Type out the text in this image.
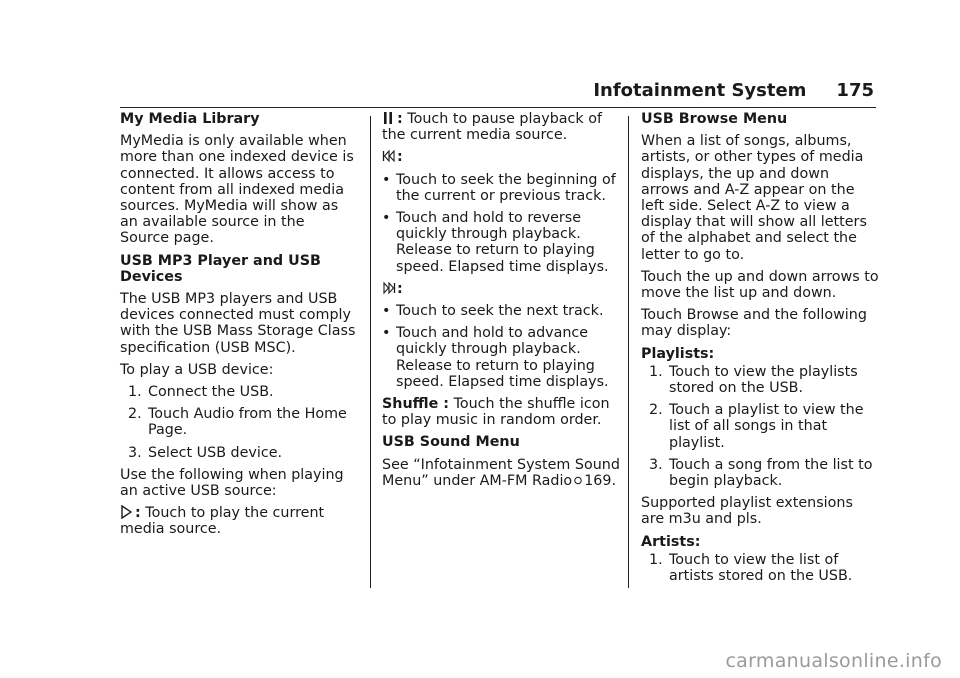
Infotainment System 175

My Media Library

MyMedia is only available when more than one indexed device is connected. It allows access to content from all indexed media sources. MyMedia will show as an available source in the Source page.

USB MP3 Player and USB Devices

The USB MP3 players and USB devices connected must comply with the USB Mass Storage Class specification (USB MSC).

To play a USB device:

1. Connect the USB.
2. Touch Audio from the Home Page.
3. Select USB device.

Use the following when playing an active USB source:

: Touch to play the current media source.

: Touch to pause playback of the current media source.

:

• Touch to seek the beginning of the current or previous track.
• Touch and hold to reverse quickly through playback. Release to return to playing speed. Elapsed time displays.

:

• Touch to seek the next track.
• Touch and hold to advance quickly through playback. Release to return to playing speed. Elapsed time displays.

Shuffle : Touch the shuffle icon to play music in random order.

USB Sound Menu

See “Infotainment System Sound Menu” under AM-FM Radio 169.

USB Browse Menu

When a list of songs, albums, artists, or other types of media displays, the up and down arrows and A-Z appear on the left side. Select A-Z to view a display that will show all letters of the alphabet and select the letter to go to.

Touch the up and down arrows to move the list up and down.

Touch Browse and the following may display:

Playlists:

1. Touch to view the playlists stored on the USB.
2. Touch a playlist to view the list of all songs in that playlist.
3. Touch a song from the list to begin playback.

Supported playlist extensions are m3u and pls.

Artists:

1. Touch to view the list of artists stored on the USB.
carmanualsonline.info
